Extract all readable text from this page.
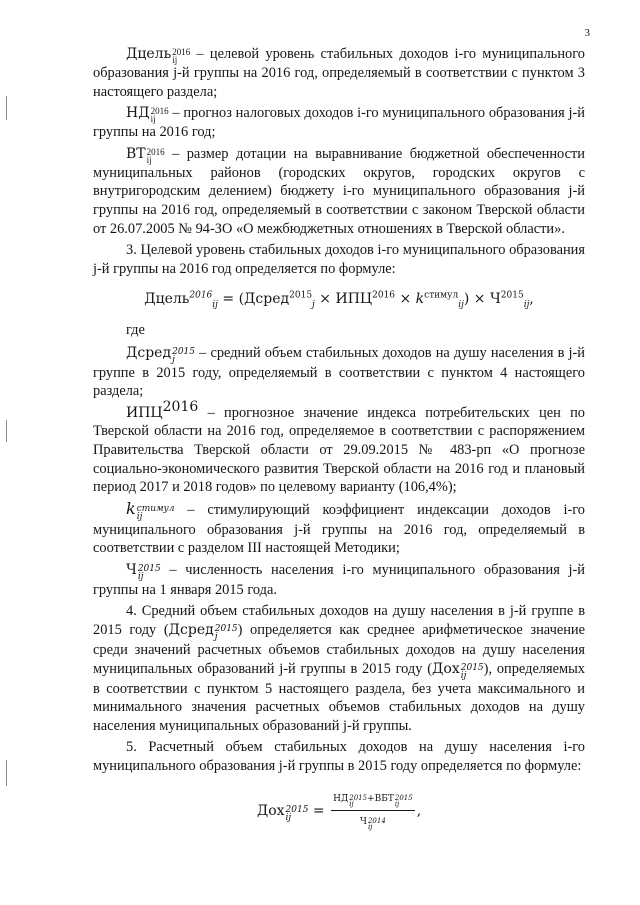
3

Дцель 2016
ij – целевой уровень стабильных доходов i-го муниципального образования j-й группы на 2016 год, определяемый в соответствии с пунктом 3 настоящего раздела;

НД 2016
ij – прогноз налоговых доходов i-го муниципального образования j-й группы на 2016 год;

ВТ 2016
ij – размер дотации на выравнивание бюджетной обеспеченности муниципальных районов (городских округов, городских округов с внутригородским делением) бюджету i-го муниципального образования j-й группы на 2016 год, определяемый в соответствии с законом Тверской области от 26.07.2005 № 94-ЗО «О межбюджетных отношениях в Тверской области».

3. Целевой уровень стабильных доходов i-го муниципального образования j-й группы на 2016 год определяется по формуле:

Дцель$^{2016}_{ij}$ = (Дсред$^{2015}_j$ × $ИПЦ^{2016} \times k^{стимул}_{ij}) \times Ч^{2015}_{ij}$,

где

Дсред 2015
j	– средний объем стабильных доходов на душу населения в j-й группе в 2015 году, определяемый в соответствии с пунктом 4 настоящего раздела;

$ИПЦ^{2016}$ – прогнозное значение индекса потребительских цен по Тверской области на 2016 год, определяемое в соответствии с распоряжением Правительства Тверской области от 29.09.2015 № 483-рп «О прогнозе социально-экономического развития Тверской области на 2016 год и плановый период 2017 и 2018 годов» по целевому варианту (106,4%);

k стимул
ij	– стимулирующий коэффициент индексации доходов i-го муниципального образования j-й группы на 2016 год, определяемый в соответствии с разделом III настоящей Методики;

Ч 2015
ij	– численность населения i-го муниципального образования j-й группы на 1 января 2015 года.

4. Средний объем стабильных доходов на душу населения в j-й группе в 2015 году (Дсред 2015
j	) определяется как среднее арифметическое значение среди значений расчетных объемов стабильных доходов на душу населения муниципальных образований j-й группы в 2015 году (Дох 2015
ij	), определяемых в соответствии с пунктом 5 настоящего раздела, без учета максимального и минимального значения расчетных объемов стабильных доходов на душу населения муниципальных образований j-й группы.

5. Расчетный объем стабильных доходов на душу населения i-го муниципального образования j-й группы в 2015 году определяется по формуле:

Дох 2015
ij	= НД 2015
ij	+ВБТ 2015
ij
Ч 2014
ij ,
